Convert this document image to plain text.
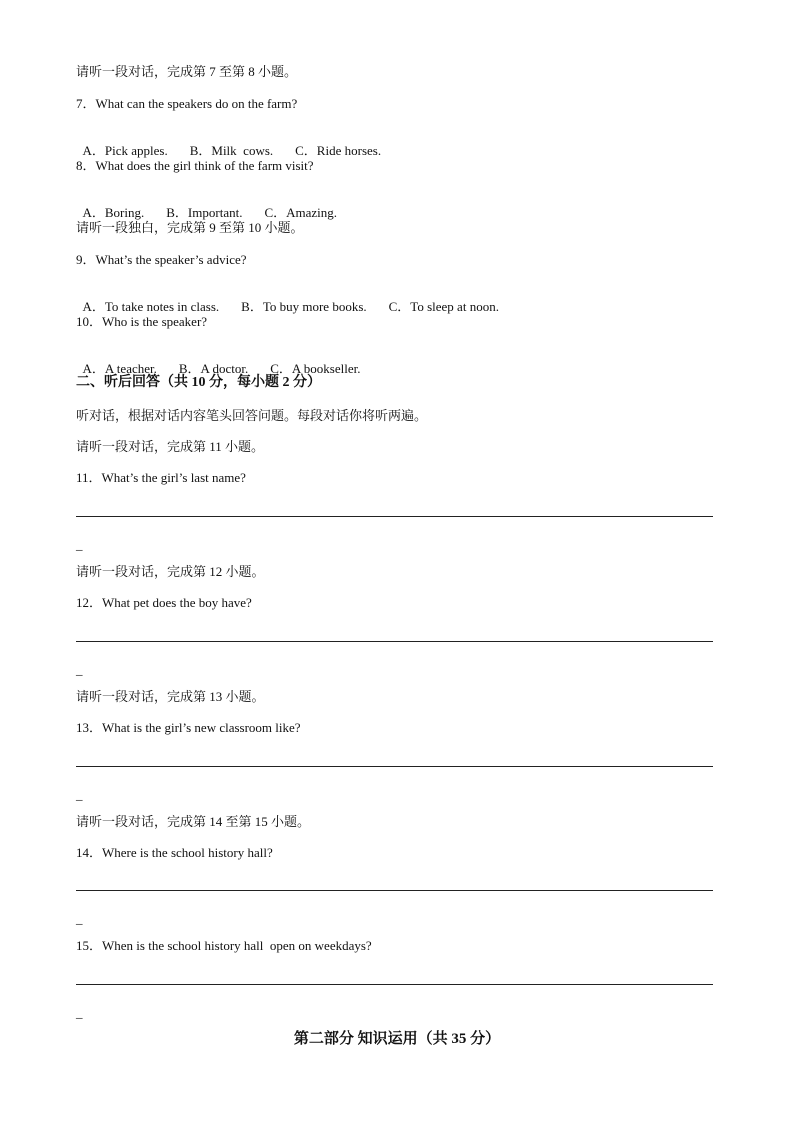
请听一段对话，完成第 7 至第 8 小题。
7．What can the speakers do on the farm?

A．Pick apples. B．Milk  cows. C．Ride horses.

8．What does the girl think of the farm visit?

A．Boring. B．Important. C．Amazing.

请听一段独白，完成第 9 至第 10 小题。
9．What’s the speaker’s advice?

A．To take notes in class. B．To buy more books. C．To sleep at noon.

10．Who is the speaker?

A．A teacher. B．A doctor. C．A bookseller.

二、听后回答（共 10 分，每小题 2 分）
听对话，根据对话内容笔头回答问题。每段对话你将听两遍。
请听一段对话，完成第 11 小题。
11．What’s the girl’s last name?
_
请听一段对话，完成第 12 小题。
12．What pet does the boy have?
_
请听一段对话，完成第 13 小题。
13．What is the girl’s new classroom like?
_
请听一段对话，完成第 14 至第 15 小题。
14．Where is the school history hall?
_
15．When is the school history hall  open on weekdays?
_
第二部分 知识运用（共 35 分）
